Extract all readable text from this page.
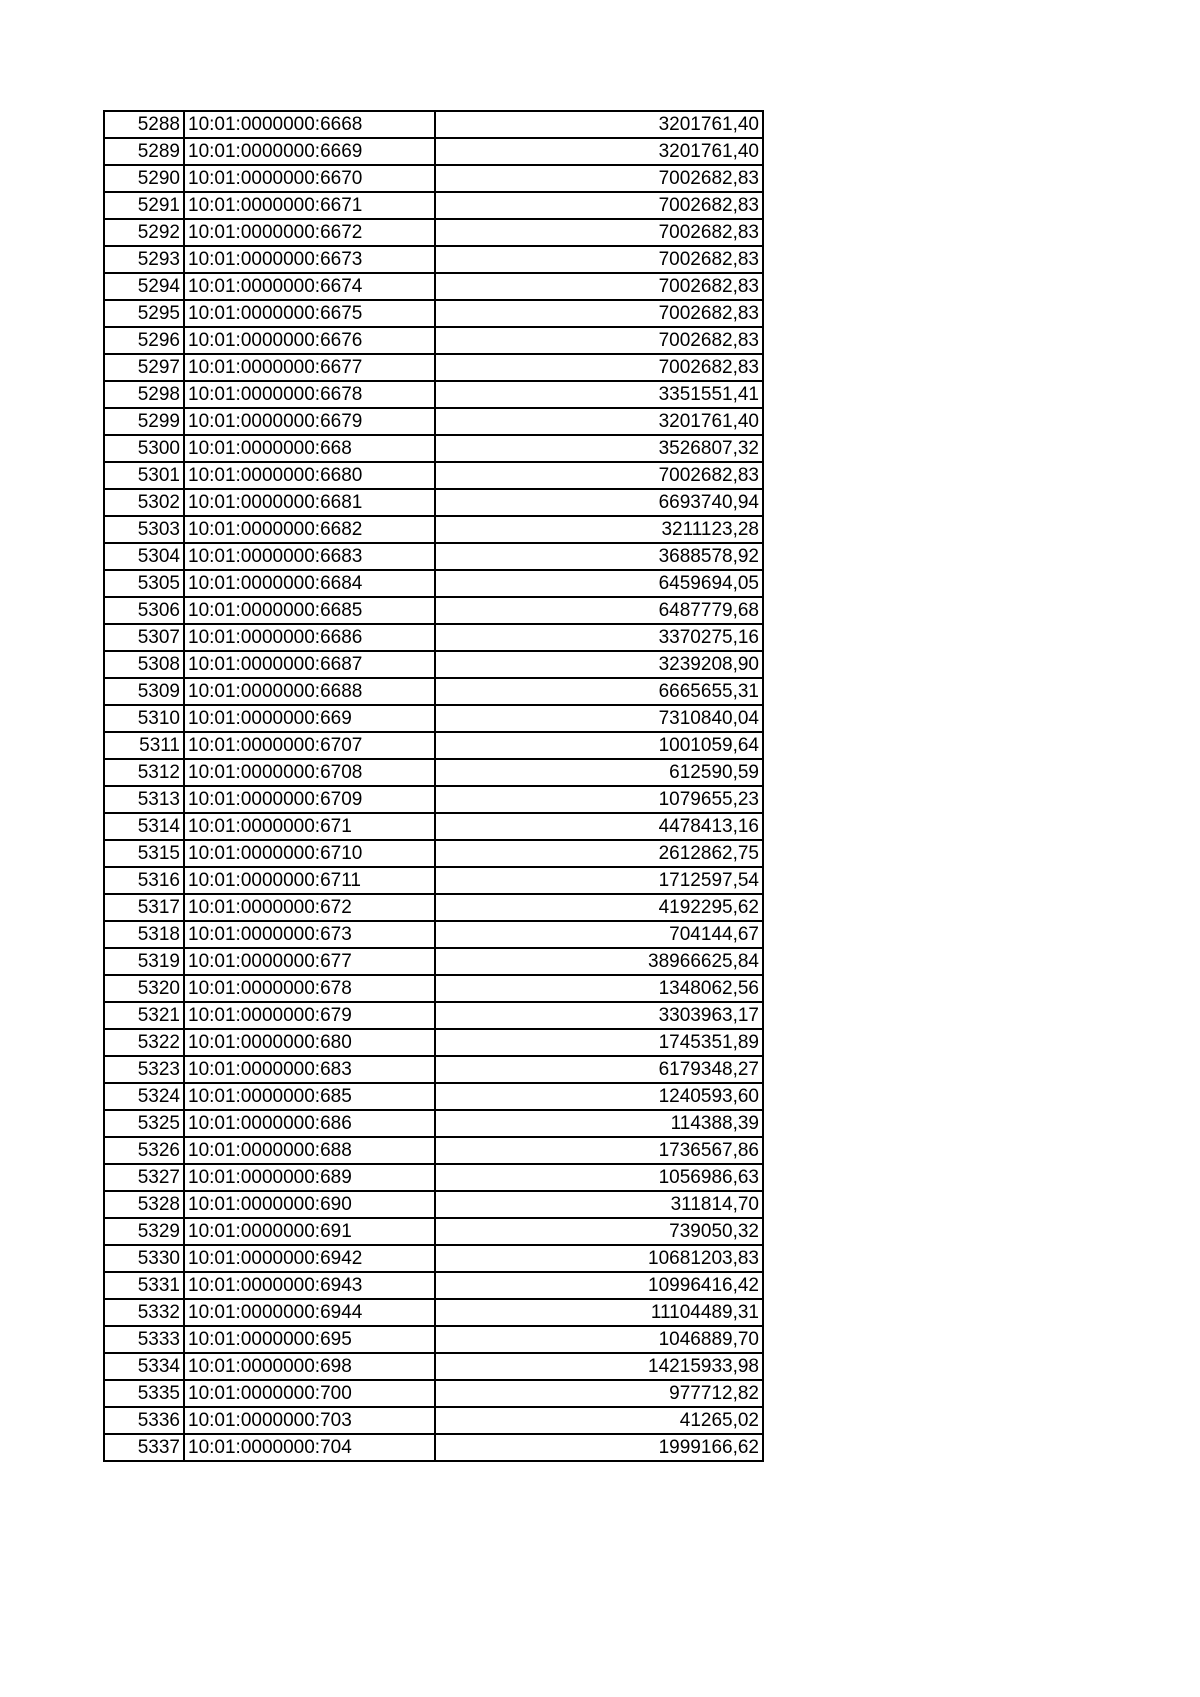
5288	10:01:0000000:6668	3201761,40
5289	10:01:0000000:6669	3201761,40
5290	10:01:0000000:6670	7002682,83
5291	10:01:0000000:6671	7002682,83
5292	10:01:0000000:6672	7002682,83
5293	10:01:0000000:6673	7002682,83
5294	10:01:0000000:6674	7002682,83
5295	10:01:0000000:6675	7002682,83
5296	10:01:0000000:6676	7002682,83
5297	10:01:0000000:6677	7002682,83
5298	10:01:0000000:6678	3351551,41
5299	10:01:0000000:6679	3201761,40
5300	10:01:0000000:668	3526807,32
5301	10:01:0000000:6680	7002682,83
5302	10:01:0000000:6681	6693740,94
5303	10:01:0000000:6682	3211123,28
5304	10:01:0000000:6683	3688578,92
5305	10:01:0000000:6684	6459694,05
5306	10:01:0000000:6685	6487779,68
5307	10:01:0000000:6686	3370275,16
5308	10:01:0000000:6687	3239208,90
5309	10:01:0000000:6688	6665655,31
5310	10:01:0000000:669	7310840,04
5311	10:01:0000000:6707	1001059,64
5312	10:01:0000000:6708	612590,59
5313	10:01:0000000:6709	1079655,23
5314	10:01:0000000:671	4478413,16
5315	10:01:0000000:6710	2612862,75
5316	10:01:0000000:6711	1712597,54
5317	10:01:0000000:672	4192295,62
5318	10:01:0000000:673	704144,67
5319	10:01:0000000:677	38966625,84
5320	10:01:0000000:678	1348062,56
5321	10:01:0000000:679	3303963,17
5322	10:01:0000000:680	1745351,89
5323	10:01:0000000:683	6179348,27
5324	10:01:0000000:685	1240593,60
5325	10:01:0000000:686	114388,39
5326	10:01:0000000:688	1736567,86
5327	10:01:0000000:689	1056986,63
5328	10:01:0000000:690	311814,70
5329	10:01:0000000:691	739050,32
5330	10:01:0000000:6942	10681203,83
5331	10:01:0000000:6943	10996416,42
5332	10:01:0000000:6944	11104489,31
5333	10:01:0000000:695	1046889,70
5334	10:01:0000000:698	14215933,98
5335	10:01:0000000:700	977712,82
5336	10:01:0000000:703	41265,02
5337	10:01:0000000:704	1999166,62
